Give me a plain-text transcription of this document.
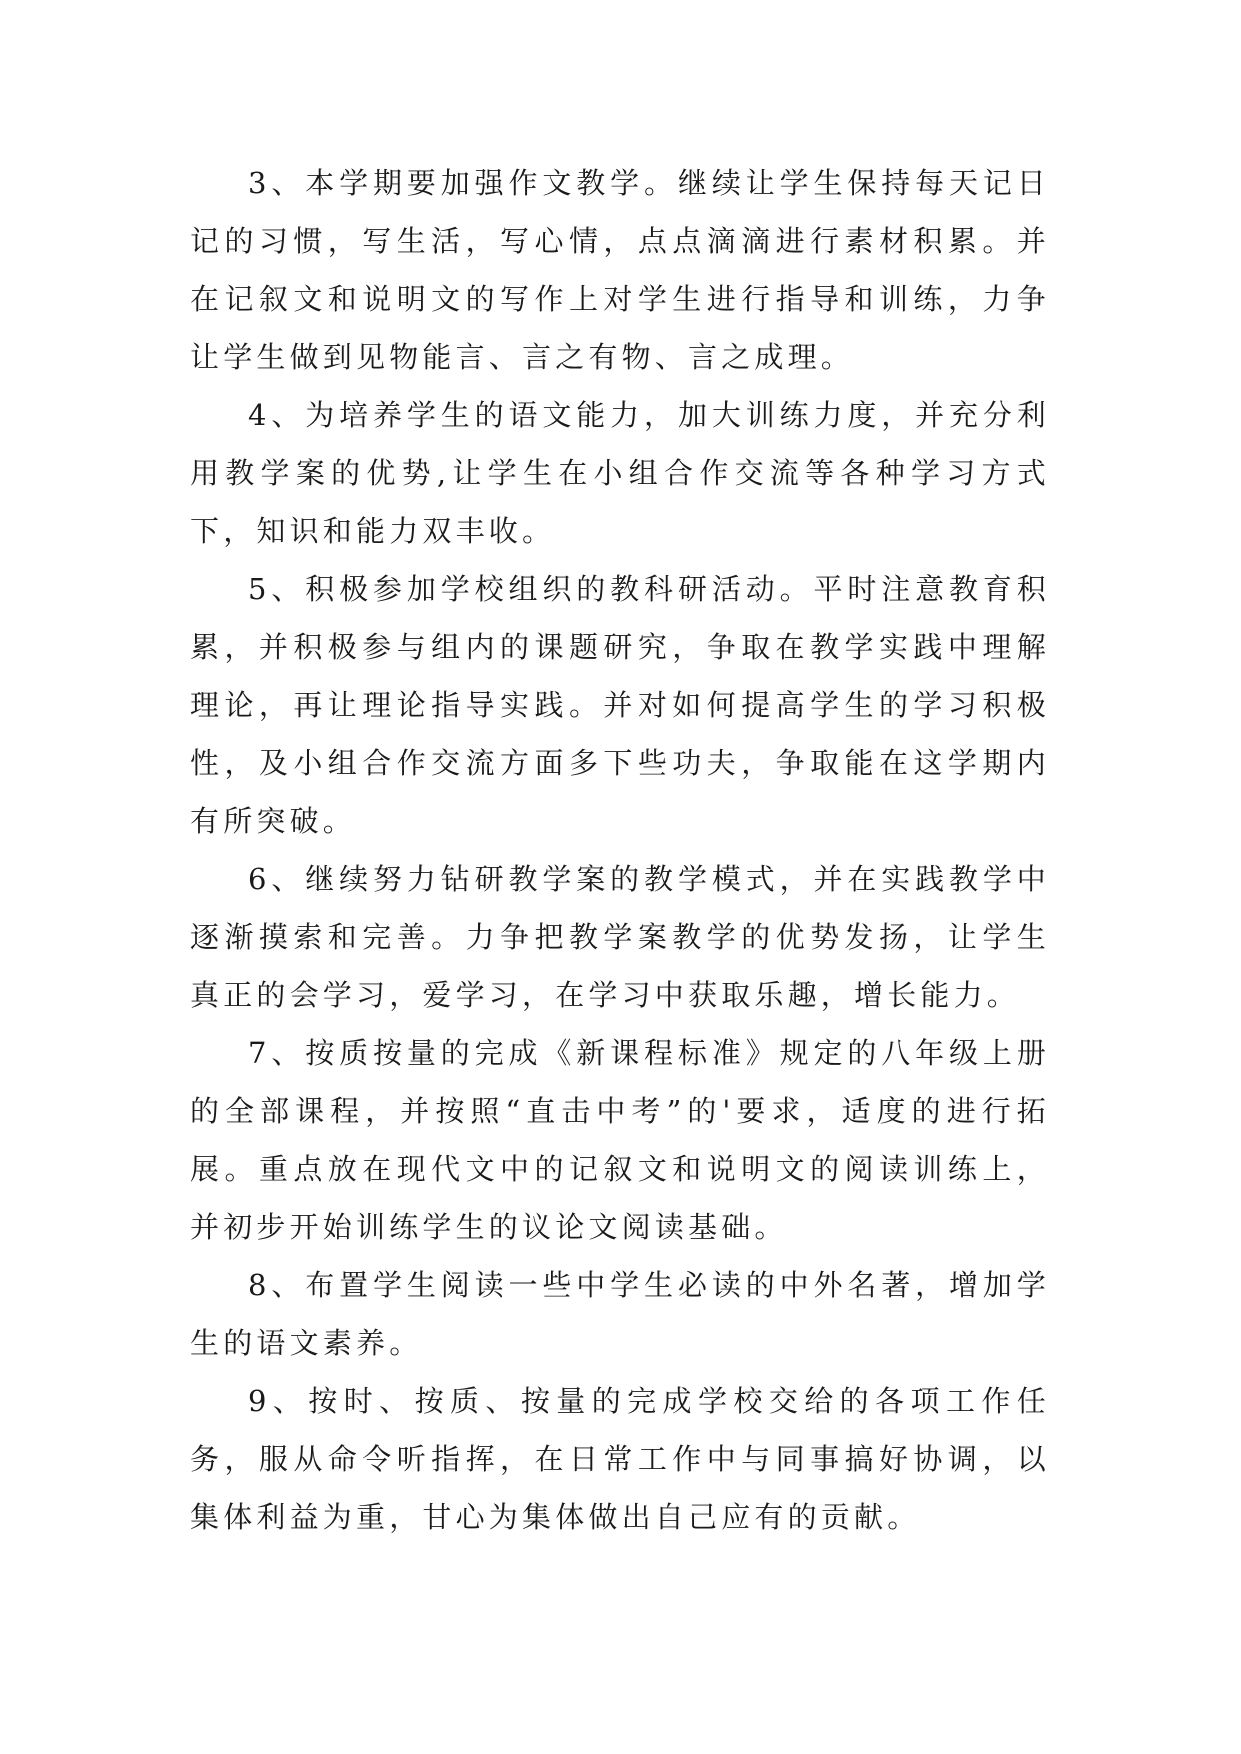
3、本学期要加强作文教学。继续让学生保持每天记日记的习惯，写生活，写心情，点点滴滴进行素材积累。并在记叙文和说明文的写作上对学生进行指导和训练，力争让学生做到见物能言、言之有物、言之成理。

4、为培养学生的语文能力，加大训练力度，并充分利用教学案的优势,让学生在小组合作交流等各种学习方式下，知识和能力双丰收。

5、积极参加学校组织的教科研活动。平时注意教育积累，并积极参与组内的课题研究，争取在教学实践中理解理论，再让理论指导实践。并对如何提高学生的学习积极性，及小组合作交流方面多下些功夫，争取能在这学期内有所突破。

6、继续努力钻研教学案的教学模式，并在实践教学中逐渐摸索和完善。力争把教学案教学的优势发扬，让学生真正的会学习，爱学习，在学习中获取乐趣，增长能力。

7、按质按量的完成《新课程标准》规定的八年级上册的全部课程，并按照“直击中考”的'要求，适度的进行拓展。重点放在现代文中的记叙文和说明文的阅读训练上，并初步开始训练学生的议论文阅读基础。

8、布置学生阅读一些中学生必读的中外名著，增加学生的语文素养。

9、按时、按质、按量的完成学校交给的各项工作任务，服从命令听指挥，在日常工作中与同事搞好协调，以集体利益为重，甘心为集体做出自己应有的贡献。
